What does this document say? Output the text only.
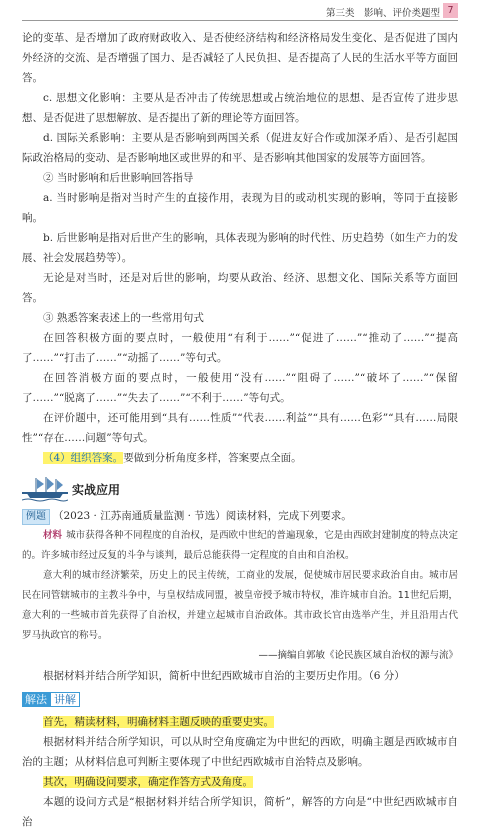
第三类　影响、评价类题型 7

论的变革、是否增加了政府财政收入、是否使经济结构和经济格局发生变化、是否促进了国内外经济的交流、是否增强了国力、是否减轻了人民负担、是否提高了人民的生活水平等方面回答。

c. 思想文化影响：主要从是否冲击了传统思想或占统治地位的思想、是否宣传了进步思想、是否促进了思想解放、是否提出了新的理论等方面回答。

d. 国际关系影响：主要从是否影响到两国关系（促进友好合作或加深矛盾）、是否引起国际政治格局的变动、是否影响地区或世界的和平、是否影响其他国家的发展等方面回答。

② 当时影响和后世影响回答指导

a. 当时影响是指对当时产生的直接作用，表现为目的或动机实现的影响，等同于直接影响。

b. 后世影响是指对后世产生的影响，具体表现为影响的时代性、历史趋势（如生产力的发展、社会发展趋势等）。

无论是对当时，还是对后世的影响，均要从政治、经济、思想文化、国际关系等方面回答。

③ 熟悉答案表述上的一些常用句式

在回答积极方面的要点时，一般使用“有利于……”“促进了……”“推动了……”“提高了……”“打击了……”“动摇了……”等句式。

在回答消极方面的要点时，一般使用“没有……”“阻碍了……”“破坏了……”“保留了……”“脱离了……”“失去了……”“不利于……”等句式。

在评价题中，还可能用到“具有……性质”“代表……利益”“具有……色彩”“具有……局限性”“存在……问题”等句式。

（4）组织答案。要做到分析角度多样，答案要点全面。

实战应用

例题 （2023 · 江苏南通质量监测 · 节选）阅读材料，完成下列要求。

材料 城市获得各种不同程度的自治权，是西欧中世纪的普遍现象，它是由西欧封建制度的特点决定的。许多城市经过反复的斗争与谈判，最后总能获得一定程度的自由和自治权。

意大利的城市经济繁荣，历史上的民主传统，工商业的发展，促使城市居民要求政治自由。城市居民在同管辖城市的主教斗争中，与皇权结成同盟，被皇帝授予城市特权，准许城市自治。11世纪后期，意大利的一些城市首先获得了自治权，并建立起城市自治政体。其市政长官由选举产生，并且沿用古代罗马执政官的称号。

——摘编自郭敏《论民族区域自治权的源与流》

根据材料并结合所学知识，简析中世纪西欧城市自治的主要历史作用。（6 分）

解法 讲解

首先，精读材料，明确材料主题反映的重要史实。

根据材料并结合所学知识，可以从时空角度确定为中世纪的西欧，明确主题是西欧城市自治的主题；从材料信息可判断主要体现了中世纪西欧城市自治特点及影响。

其次，明确设问要求，确定作答方式及角度。

本题的设问方式是“根据材料并结合所学知识，简析”，解答的方向是“中世纪西欧城市自治
